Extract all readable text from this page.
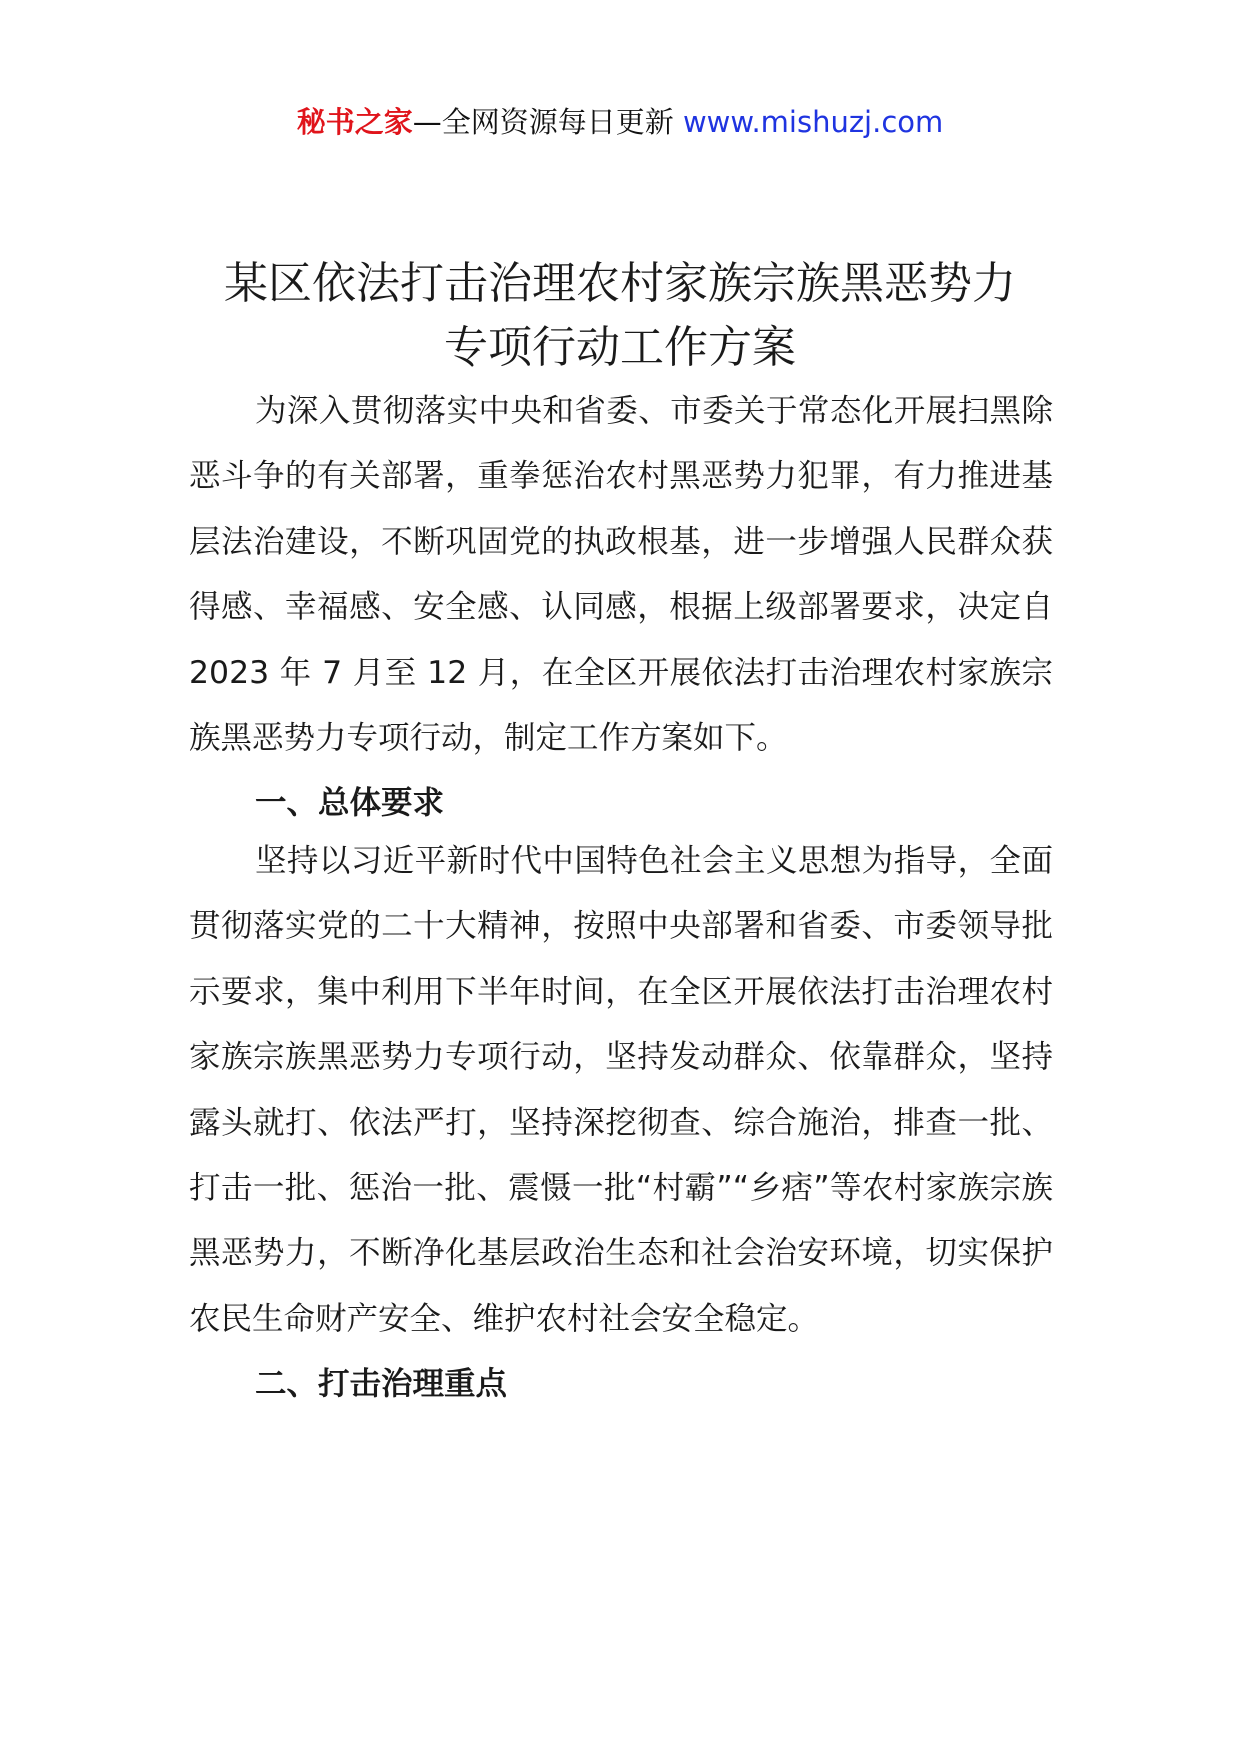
秘书之家—全网资源每日更新 www.mishuzj.com
某区依法打击治理农村家族宗族黑恶势力
专项行动工作方案

为深入贯彻落实中央和省委、市委关于常态化开展扫黑除恶斗争的有关部署，重拳惩治农村黑恶势力犯罪，有力推进基层法治建设，不断巩固党的执政根基，进一步增强人民群众获得感、幸福感、安全感、认同感，根据上级部署要求，决定自 2023 年 7 月至 12 月，在全区开展依法打击治理农村家族宗族黑恶势力专项行动，制定工作方案如下。

一、总体要求

坚持以习近平新时代中国特色社会主义思想为指导，全面贯彻落实党的二十大精神，按照中央部署和省委、市委领导批示要求，集中利用下半年时间，在全区开展依法打击治理农村家族宗族黑恶势力专项行动，坚持发动群众、依靠群众，坚持露头就打、依法严打，坚持深挖彻查、综合施治，排查一批、打击一批、惩治一批、震慑一批“村霸”“乡痞”等农村家族宗族黑恶势力，不断净化基层政治生态和社会治安环境，切实保护农民生命财产安全、维护农村社会安全稳定。

二、打击治理重点
